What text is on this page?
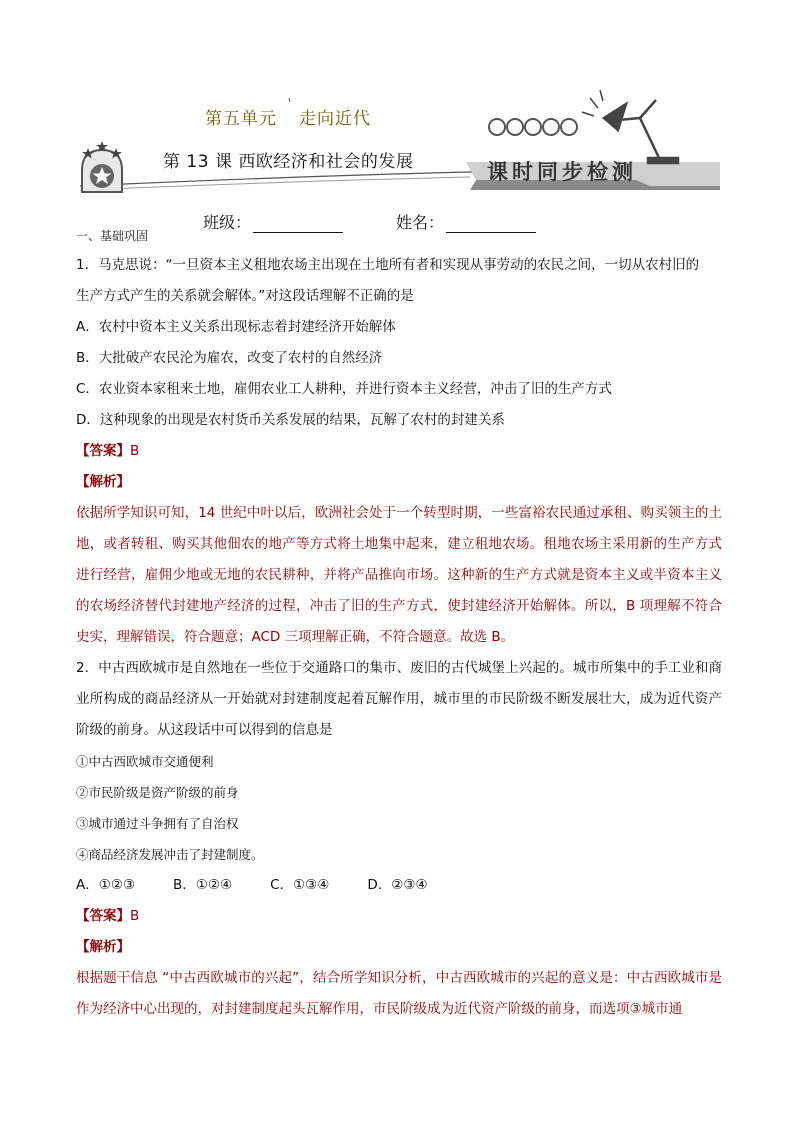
第五单元 走向近代
第 13 课 西欧经济和社会的发展	课时同步检测
班级：	姓名：
一、基础巩固

1．马克思说：“一旦资本主义租地农场主出现在土地所有者和实现从事劳动的农民之间，一切从农村旧的

生产方式产生的关系就会解体。”对这段话理解不正确的是

A．农村中资本主义关系出现标志着封建经济开始解体

B．大批破产农民沦为雇农，改变了农村的自然经济

C．农业资本家租来土地，雇佣农业工人耕种，并进行资本主义经营，冲击了旧的生产方式

D．这种现象的出现是农村货币关系发展的结果，瓦解了农村的封建关系

【答案】B

【解析】

依据所学知识可知，14 世纪中叶以后，欧洲社会处于一个转型时期，一些富裕农民通过承租、购买领主的土地，或者转租、购买其他佃农的地产等方式将土地集中起来，建立租地农场。租地农场主采用新的生产方式进行经营，雇佣少地或无地的农民耕种，并将产品推向市场。这种新的生产方式就是资本主义或半资本主义的农场经济替代封建地产经济的过程，冲击了旧的生产方式，使封建经济开始解体。所以，B 项理解不符合史实，理解错误，符合题意；ACD 三项理解正确，不符合题意。故选 B。

2．中古西欧城市是自然地在一些位于交通路口的集市、废旧的古代城堡上兴起的。城市所集中的手工业和商业所构成的商品经济从一开始就对封建制度起着瓦解作用，城市里的市民阶级不断发展壮大，成为近代资产阶级的前身。从这段话中可以得到的信息是

①中古西欧城市交通便利

②市民阶级是资产阶级的前身

③城市通过斗争拥有了自治权

④商品经济发展冲击了封建制度。

A．①②③	B．①②④	C．①③④	D．②③④

【答案】B

【解析】

根据题干信息 “中古西欧城市的兴起”，结合所学知识分析，中古西欧城市的兴起的意义是：中古西欧城市是作为经济中心出现的，对封建制度起头瓦解作用，市民阶级成为近代资产阶级的前身，而选项③城市通
